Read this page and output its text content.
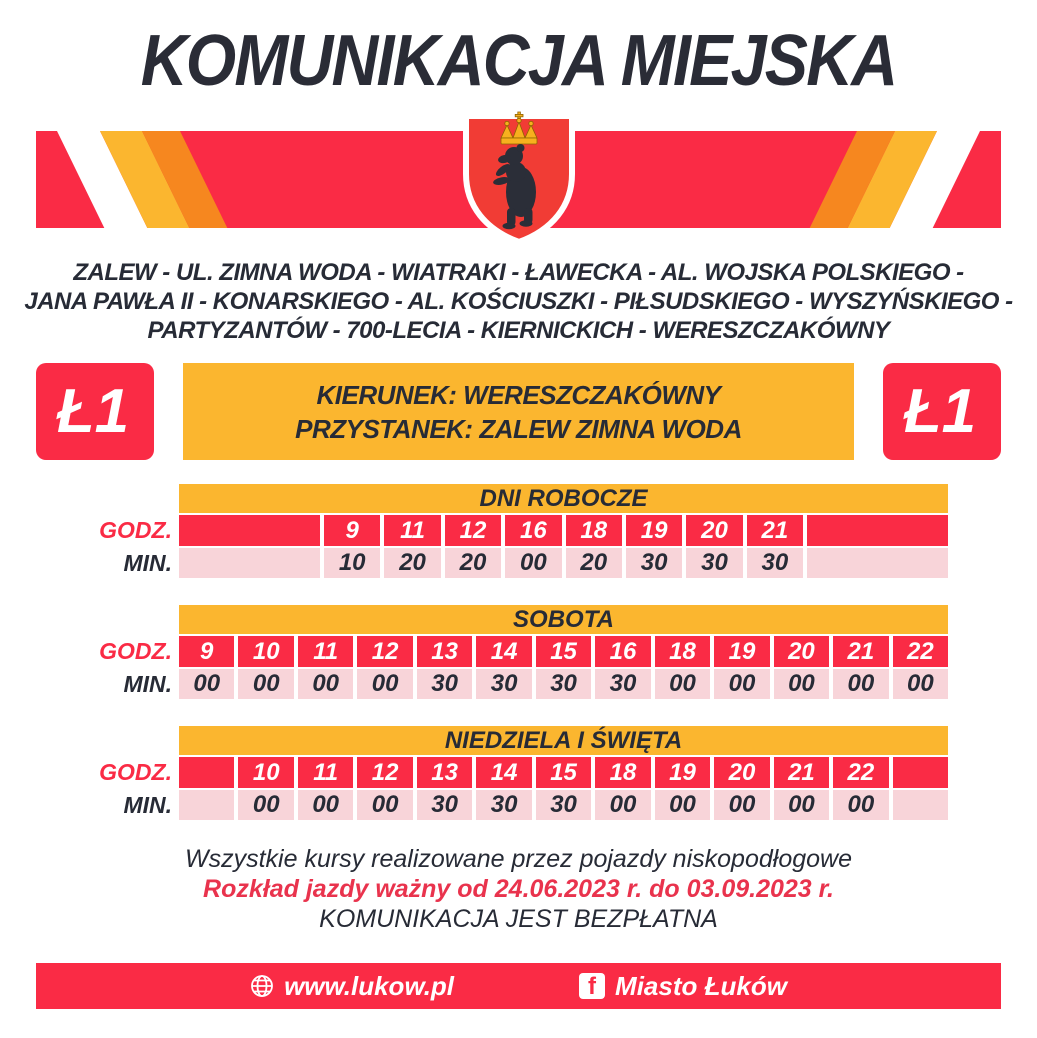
KOMUNIKACJA MIEJSKA
ZALEW - UL. ZIMNA WODA - WIATRAKI - ŁAWECKA - AL. WOJSKA POLSKIEGO -
JANA PAWŁA II - KONARSKIEGO - AL. KOŚCIUSZKI - PIŁSUDSKIEGO - WYSZYŃSKIEGO -
PARTYZANTÓW - 700-LECIA - KIERNICKICH - WERESZCZAKÓWNY
Ł1	KIERUNEK: WERESZCZAKÓWNY
PRZYSTANEK: ZALEW ZIMNA WODA	Ł1
GODZ.
MIN.
DNI ROBOCZE
9	11	12	16	18	19	20	21
10	20	20	00	20	30	30	30
GODZ.
MIN.
SOBOTA
9	10	11	12	13	14	15	16	18	19	20	21	22
00	00	00	00	30	30	30	30	00	00	00	00	00
GODZ.
MIN.
NIEDZIELA I ŚWIĘTA
10	11	12	13	14	15	18	19	20	21	22
00	00	00	30	30	30	00	00	00	00	00
Wszystkie kursy realizowane przez pojazdy niskopodłogowe
Rozkład jazdy ważny od 24.06.2023 r. do 03.09.2023 r.
KOMUNIKACJA JEST BEZPŁATNA
www.lukow.pl	f Miasto Łuków
